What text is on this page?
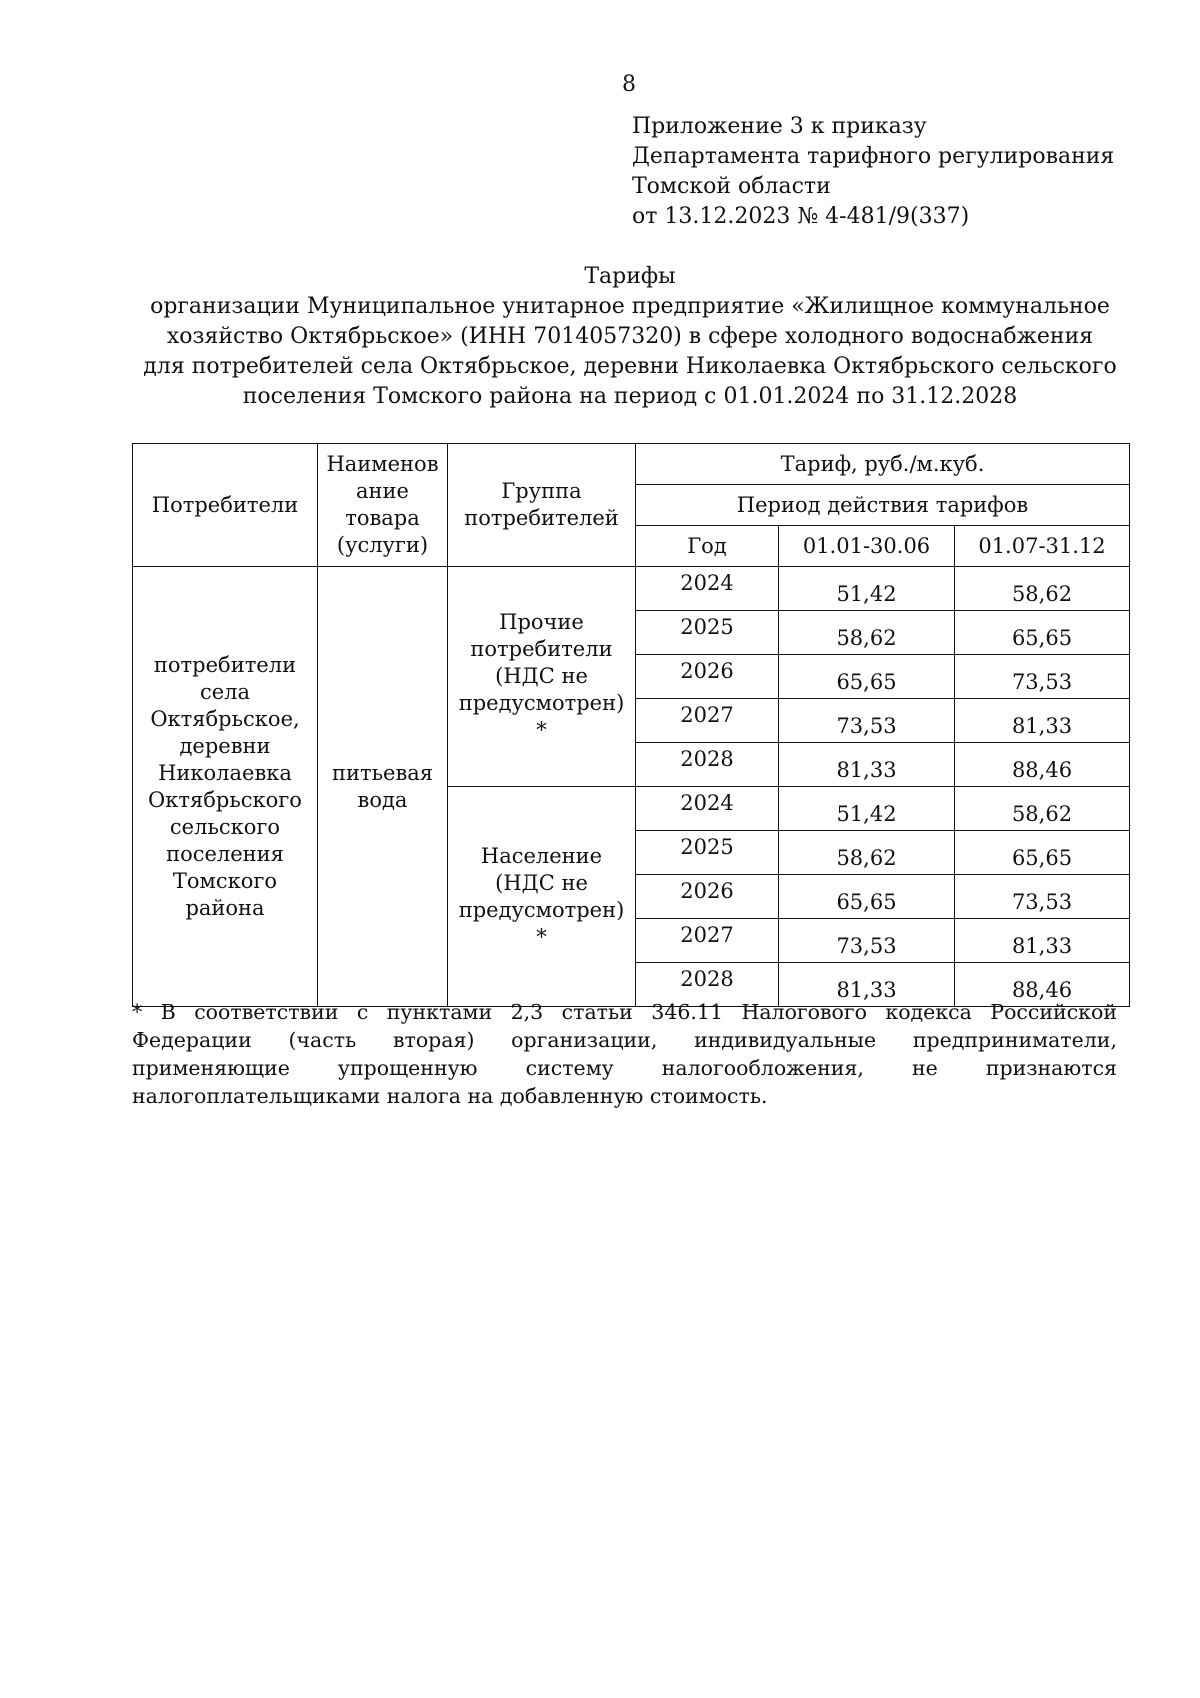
8
Приложение 3 к приказу
Департамента тарифного регулирования
Томской области
от 13.12.2023 № 4-481/9(337)
Тарифы
организации Муниципальное унитарное предприятие «Жилищное коммунальное
хозяйство Октябрьское» (ИНН 7014057320) в сфере холодного водоснабжения
для потребителей села Октябрьское, деревни Николаевка Октябрьского сельского
поселения Томского района на период с 01.01.2024 по 31.12.2028
Потребители	Наименов ание товара (услуги)	Группа потребителей	Тариф, руб./м.куб.		
			Период действия тарифов		
			Год	01.01-30.06	01.07-31.12
потребители села Октябрьское, деревни Николаевка Октябрьского сельского поселения Томского района	питьевая вода	Прочие потребители (НДС не предусмотрен) *	2024	51,42	58,62
			2025	58,62	65,65
			2026	65,65	73,53
			2027	73,53	81,33
			2028	81,33	88,46
		Население (НДС не предусмотрен) *	2024	51,42	58,62
			2025	58,62	65,65
			2026	65,65	73,53
			2027	73,53	81,33
			2028	81,33	88,46
* В соответствии с пунктами 2,3 статьи 346.11 Налогового кодекса Российской Федерации (часть вторая) организации, индивидуальные предприниматели, применяющие упрощенную систему налогообложения, не признаются налогоплательщиками налога на добавленную стоимость.
